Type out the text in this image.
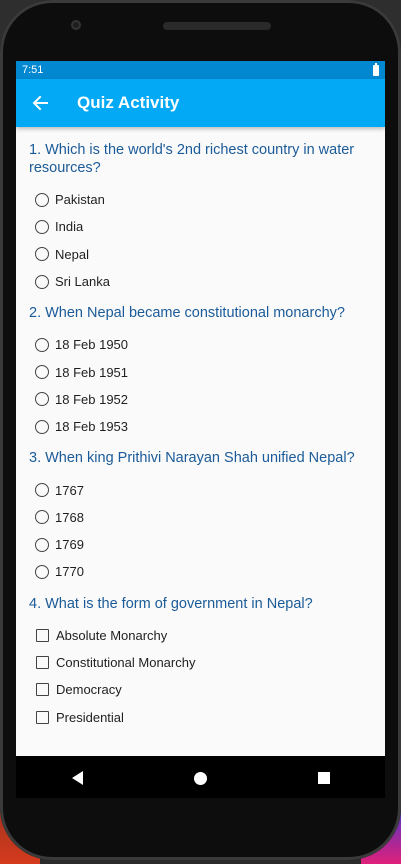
7:51
Quiz Activity

1. Which is the world's 2nd richest country in water resources?

Pakistan
India
Nepal
Sri Lanka

2. When Nepal became constitutional monarchy?

18 Feb 1950
18 Feb 1951
18 Feb 1952
18 Feb 1953

3. When king Prithivi Narayan Shah unified Nepal?

1767
1768
1769
1770

4. What is the form of government in Nepal?

Absolute Monarchy
Constitutional Monarchy
Democracy
Presidential
